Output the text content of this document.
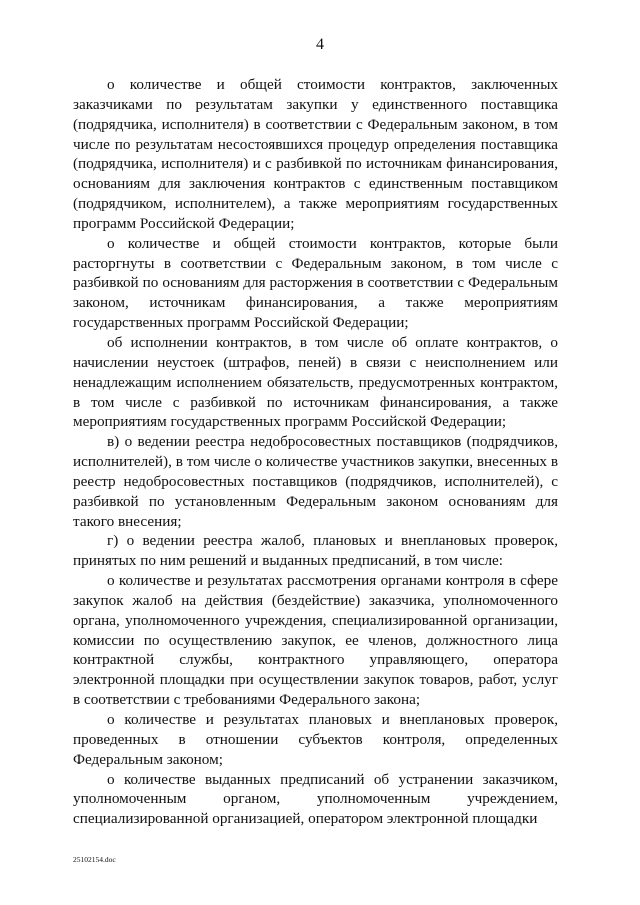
4

о количестве и общей стоимости контрактов, заключенных заказчиками по результатам закупки у единственного поставщика (подрядчика, исполнителя) в соответствии с Федеральным законом, в том числе по результатам несостоявшихся процедур определения поставщика (подрядчика, исполнителя) и с разбивкой по источникам финансирования, основаниям для заключения контрактов с единственным поставщиком (подрядчиком, исполнителем), а также мероприятиям государственных программ Российской Федерации;

о количестве и общей стоимости контрактов, которые были расторгнуты в соответствии с Федеральным законом, в том числе с разбивкой по основаниям для расторжения в соответствии с Федеральным законом, источникам финансирования, а также мероприятиям государственных программ Российской Федерации;

об исполнении контрактов, в том числе об оплате контрактов, о начислении неустоек (штрафов, пеней) в связи с неисполнением или ненадлежащим исполнением обязательств, предусмотренных контрактом, в том числе с разбивкой по источникам финансирования, а также мероприятиям государственных программ Российской Федерации;

в) о ведении реестра недобросовестных поставщиков (подрядчиков, исполнителей), в том числе о количестве участников закупки, внесенных в реестр недобросовестных поставщиков (подрядчиков, исполнителей), с разбивкой по установленным Федеральным законом основаниям для такого внесения;

г) о ведении реестра жалоб, плановых и внеплановых проверок, принятых по ним решений и выданных предписаний, в том числе:

о количестве и результатах рассмотрения органами контроля в сфере закупок жалоб на действия (бездействие) заказчика, уполномоченного органа, уполномоченного учреждения, специализированной организации, комиссии по осуществлению закупок, ее членов, должностного лица контрактной службы, контрактного управляющего, оператора электронной площадки при осуществлении закупок товаров, работ, услуг в соответствии с требованиями Федерального закона;

о количестве и результатах плановых и внеплановых проверок, проведенных в отношении субъектов контроля, определенных Федеральным законом;

о количестве выданных предписаний об устранении заказчиком, уполномоченным органом, уполномоченным учреждением, специализированной организацией, оператором электронной площадки

25102154.doc
